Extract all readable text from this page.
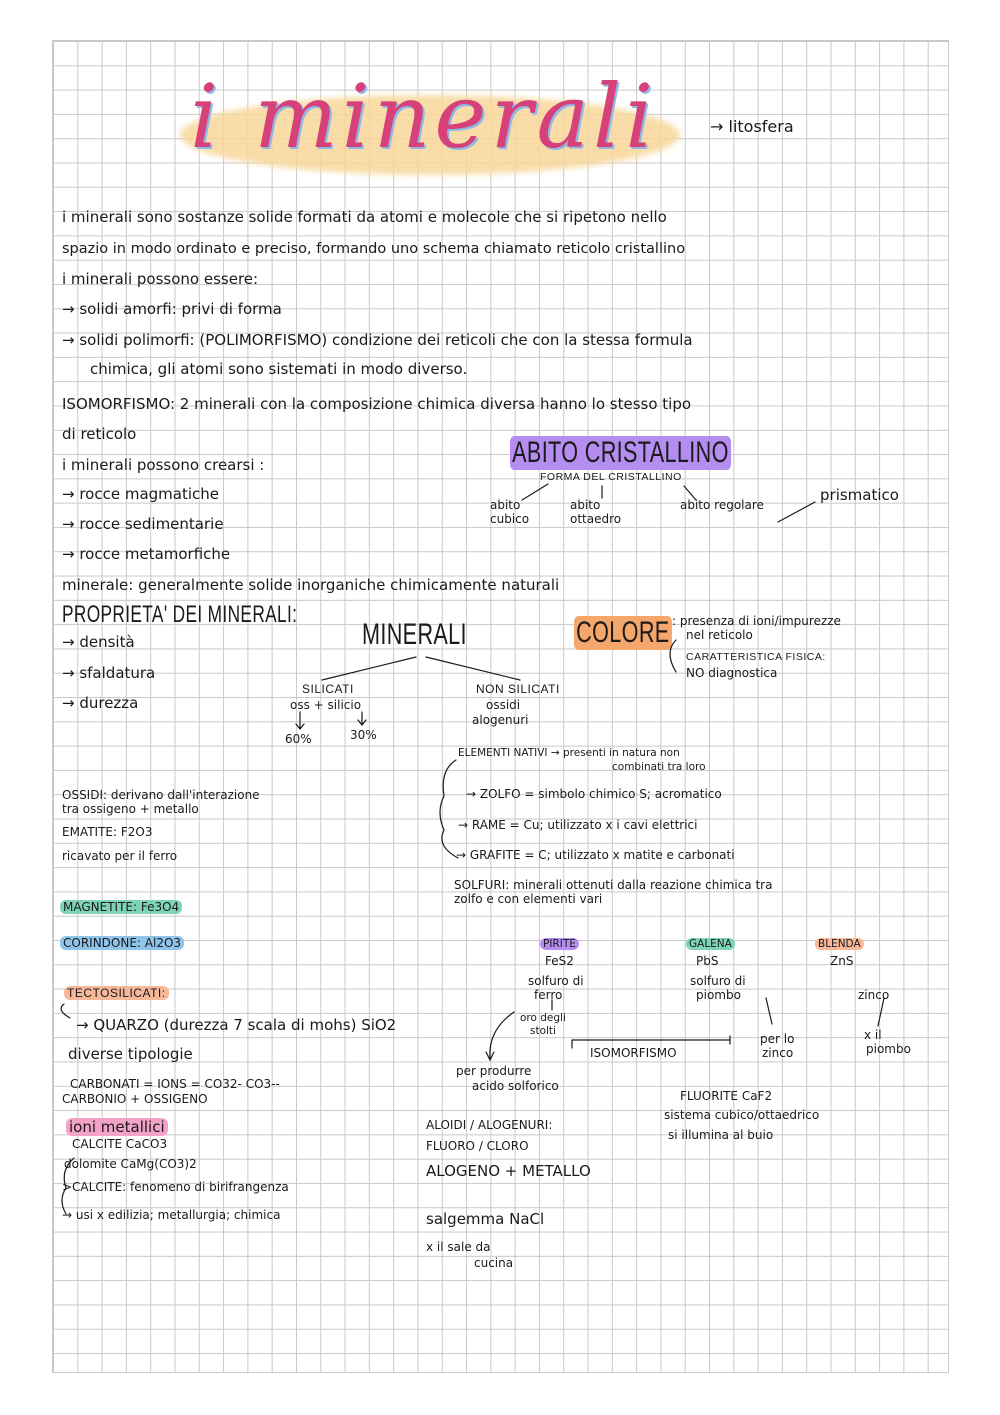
i minerali	→ litosfera
i minerali sono sostanze solide formati da atomi e molecole che si ripetono nello
spazio in modo ordinato e preciso, formando uno schema chiamato reticolo cristallino
i minerali possono essere:
→ solidi amorfi: privi di forma
→ solidi polimorfi: (POLIMORFISMO) condizione dei reticoli che con la stessa formula
chimica, gli atomi sono sistemati in modo diverso.
ISOMORFISMO: 2 minerali con la composizione chimica diversa hanno lo stesso tipo
di reticolo
i minerali possono crearsi :
→ rocce magmatiche
→ rocce sedimentarie
→ rocce metamorfiche
minerale: generalmente solide inorganiche chimicamente naturali
ABITO CRISTALLINO
FORMA DEL CRISTALLINO
abito cubico
abito ottaedro
abito regolare
prismatico
PROPRIETA' DEI MINERALI:
→ densità
→ sfaldatura
→ durezza
MINERALI
SILICATI
oss + silicio
60%	30%
NON SILICATI
ossidi
alogenuri
COLORE : presenza di ioni/impurezze
nel reticolo
CARATTERISTICA FISICA:
NO diagnostica
ELEMENTI NATIVI → presenti in natura non
combinati tra loro
→ ZOLFO = simbolo chimico S; acromatico
→ RAME = Cu; utilizzato x i cavi elettrici
→ GRAFITE = C; utilizzato x matite e carbonati
OSSIDI: derivano dall'interazione
tra ossigeno + metallo
EMATITE: F2O3
ricavato per il ferro
MAGNETITE: Fe3O4
CORINDONE: Al2O3
SOLFURI: minerali ottenuti dalla reazione chimica tra
zolfo e con elementi vari
PIRITE
FeS2
solfuro di
ferro
oro degli
stolti
GALENA
PbS
solfuro di
piombo
BLENDA
ZnS
zinco
ISOMORFISMO
per lo
zinco
x il
piombo
per produrre
acido solforico
TECTOSILICATI:
→ QUARZO (durezza 7 scala di mohs) SiO2
diverse tipologie
CARBONATI = IONS = CO32- CO3--
CARBONIO + OSSIGENO
ioni metallici
CALCITE CaCO3
dolomite CaMg(CO3)2
>CALCITE: fenomeno di birifrangenza
→ usi x edilizia; metallurgia; chimica
ALOIDI / ALOGENURI:
FLUORO / CLORO
ALOGENO + METALLO
salgemma NaCl
x il sale da
cucina
FLUORITE CaF2
sistema cubico/ottaedrico
si illumina al buio
